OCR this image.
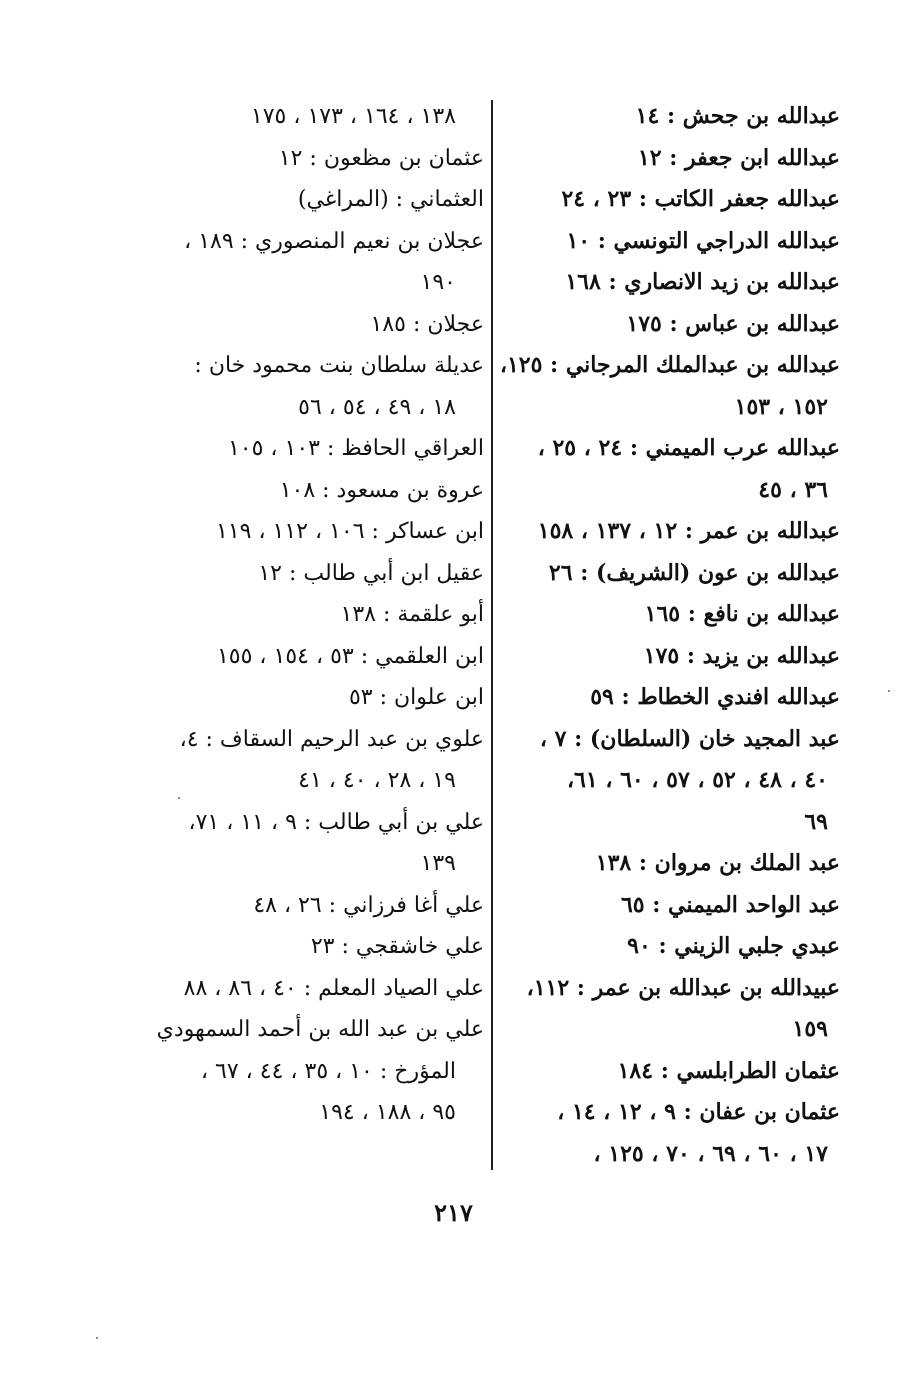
عبدالله بن جحش : ١٤
عبدالله ابن جعفر : ١٢
عبدالله جعفر الكاتب : ٢٣ ، ٢٤
عبدالله الدراجي التونسي : ١٠
عبدالله بن زيد الانصاري : ١٦٨
عبدالله بن عباس : ١٧٥
عبدالله بن عبدالملك المرجاني : ١٢٥،
١٥٢ ، ١٥٣
عبدالله عرب الميمني : ٢٤ ، ٢٥ ،
٣٦ ، ٤٥
عبدالله بن عمر : ١٢ ، ١٣٧ ، ١٥٨
عبدالله بن عون (الشريف) : ٢٦
عبدالله بن نافع : ١٦٥
عبدالله بن يزيد : ١٧٥
عبدالله افندي الخطاط : ٥٩
عبد المجيد خان (السلطان) : ٧ ،
٤٠ ، ٤٨ ، ٥٢ ، ٥٧ ، ٦٠ ، ٦١،
٦٩
عبد الملك بن مروان : ١٣٨
عبد الواحد الميمني : ٦٥
عبدي جلبي الزيني : ٩٠
عبيدالله بن عبدالله بن عمر : ١١٢،
١٥٩
عثمان الطرابلسي : ١٨٤
عثمان بن عفان : ٩ ، ١٢ ، ١٤ ،
١٧ ، ٦٠ ، ٦٩ ، ٧٠ ، ١٢٥ ،
١٣٨ ، ١٦٤ ، ١٧٣ ، ١٧٥
عثمان بن مظعون : ١٢
العثماني : (المراغي)
عجلان بن نعيم المنصوري : ١٨٩ ،
١٩٠
عجلان : ١٨٥
عديلة سلطان بنت محمود خان :
١٨ ، ٤٩ ، ٥٤ ، ٥٦
العراقي الحافظ : ١٠٣ ، ١٠٥
عروة بن مسعود : ١٠٨
ابن عساكر : ١٠٦ ، ١١٢ ، ١١٩
عقيل ابن أبي طالب : ١٢
أبو علقمة : ١٣٨
ابن العلقمي : ٥٣ ، ١٥٤ ، ١٥٥
ابن علوان : ٥٣
علوي بن عبد الرحيم السقاف : ٤،
١٩ ، ٢٨ ، ٤٠ ، ٤١
علي بن أبي طالب : ٩ ، ١١ ، ٧١،
١٣٩
علي أغا فرزاني : ٢٦ ، ٤٨
علي خاشقجي : ٢٣
علي الصياد المعلم : ٤٠ ، ٨٦ ، ٨٨
علي بن عبد الله بن أحمد السمهودي
المؤرخ : ١٠ ، ٣٥ ، ٤٤ ، ٦٧ ،
٩٥ ، ١٨٨ ، ١٩٤
٢١٧
